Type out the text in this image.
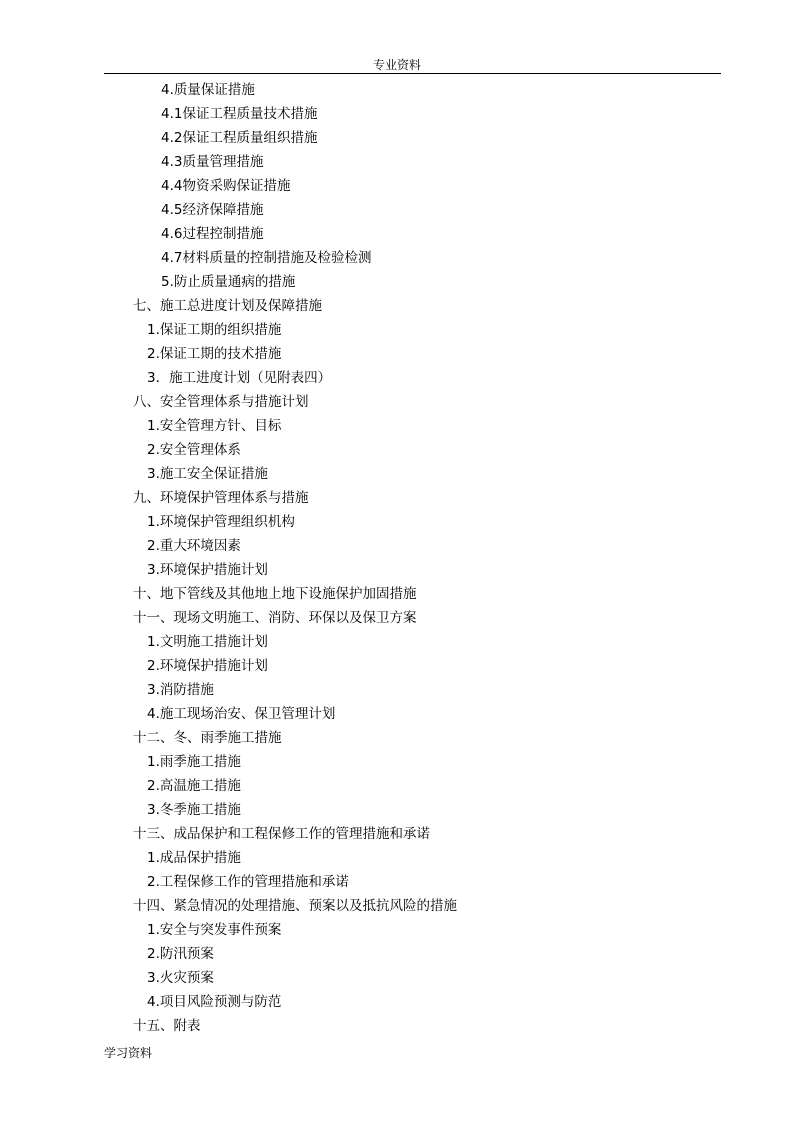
专业资料
4.质量保证措施
4.1保证工程质量技术措施
4.2保证工程质量组织措施
4.3质量管理措施
4.4物资采购保证措施
4.5经济保障措施
4.6过程控制措施
4.7材料质量的控制措施及检验检测
5.防止质量通病的措施
七、施工总进度计划及保障措施
1.保证工期的组织措施
2.保证工期的技术措施
3．施工进度计划（见附表四）
八、安全管理体系与措施计划
1.安全管理方针、目标
2.安全管理体系
3.施工安全保证措施
九、环境保护管理体系与措施
1.环境保护管理组织机构
2.重大环境因素
3.环境保护措施计划
十、地下管线及其他地上地下设施保护加固措施
十一、现场文明施工、消防、环保以及保卫方案
1.文明施工措施计划
2.环境保护措施计划
3.消防措施
4.施工现场治安、保卫管理计划
十二、冬、雨季施工措施
1.雨季施工措施
2.高温施工措施
3.冬季施工措施
十三、成品保护和工程保修工作的管理措施和承诺
1.成品保护措施
2.工程保修工作的管理措施和承诺
十四、紧急情况的处理措施、预案以及抵抗风险的措施
1.安全与突发事件预案
2.防汛预案
3.火灾预案
4.项目风险预测与防范
十五、附表
学习资料
